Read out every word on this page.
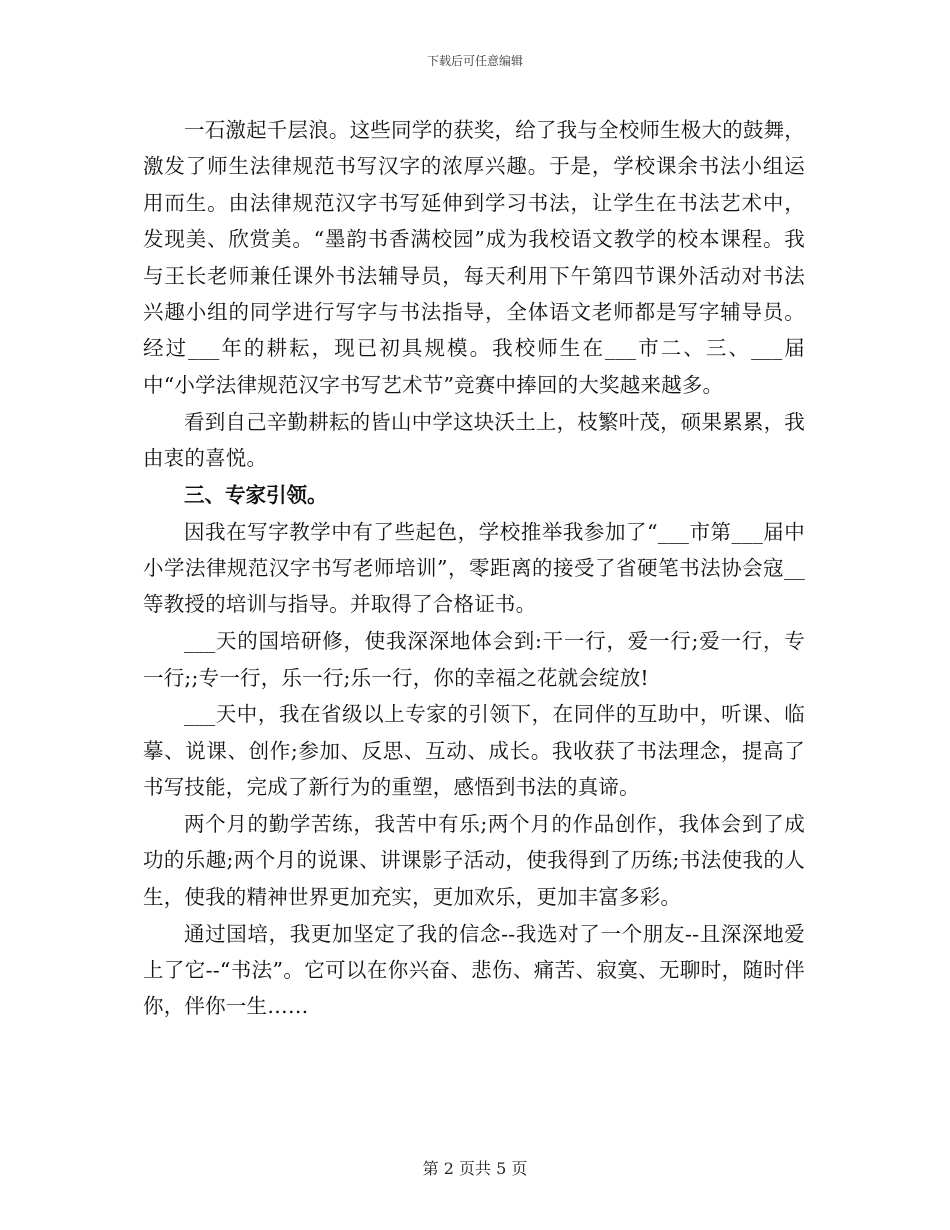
下载后可任意编辑

一石激起千层浪。这些同学的获奖，给了我与全校师生极大的鼓舞，激发了师生法律规范书写汉字的浓厚兴趣。于是，学校课余书法小组运用而生。由法律规范汉字书写延伸到学习书法，让学生在书法艺术中，发现美、欣赏美。“墨韵书香满校园”成为我校语文教学的校本课程。我与王长老师兼任课外书法辅导员，每天利用下午第四节课外活动对书法兴趣小组的同学进行写字与书法指导，全体语文老师都是写字辅导员。经过___年的耕耘，现已初具规模。我校师生在___市二、三、___届中“小学法律规范汉字书写艺术节”竞赛中捧回的大奖越来越多。

看到自己辛勤耕耘的皆山中学这块沃土上，枝繁叶茂，硕果累累，我由衷的喜悦。

三、专家引领。

因我在写字教学中有了些起色，学校推举我参加了“___市第___届中小学法律规范汉字书写老师培训”，零距离的接受了省硬笔书法协会寇__等教授的培训与指导。并取得了合格证书。

___天的国培研修，使我深深地体会到:干一行，爱一行;爱一行，专一行;;专一行，乐一行;乐一行，你的幸福之花就会绽放!

___天中，我在省级以上专家的引领下，在同伴的互助中，听课、临摹、说课、创作;参加、反思、互动、成长。我收获了书法理念，提高了书写技能，完成了新行为的重塑，感悟到书法的真谛。

两个月的勤学苦练，我苦中有乐;两个月的作品创作，我体会到了成功的乐趣;两个月的说课、讲课影子活动，使我得到了历练;书法使我的人生，使我的精神世界更加充实，更加欢乐，更加丰富多彩。

通过国培，我更加坚定了我的信念--我选对了一个朋友--且深深地爱上了它--“书法”。它可以在你兴奋、悲伤、痛苦、寂寞、无聊时，随时伴你，伴你一生……

第 2 页共 5 页
